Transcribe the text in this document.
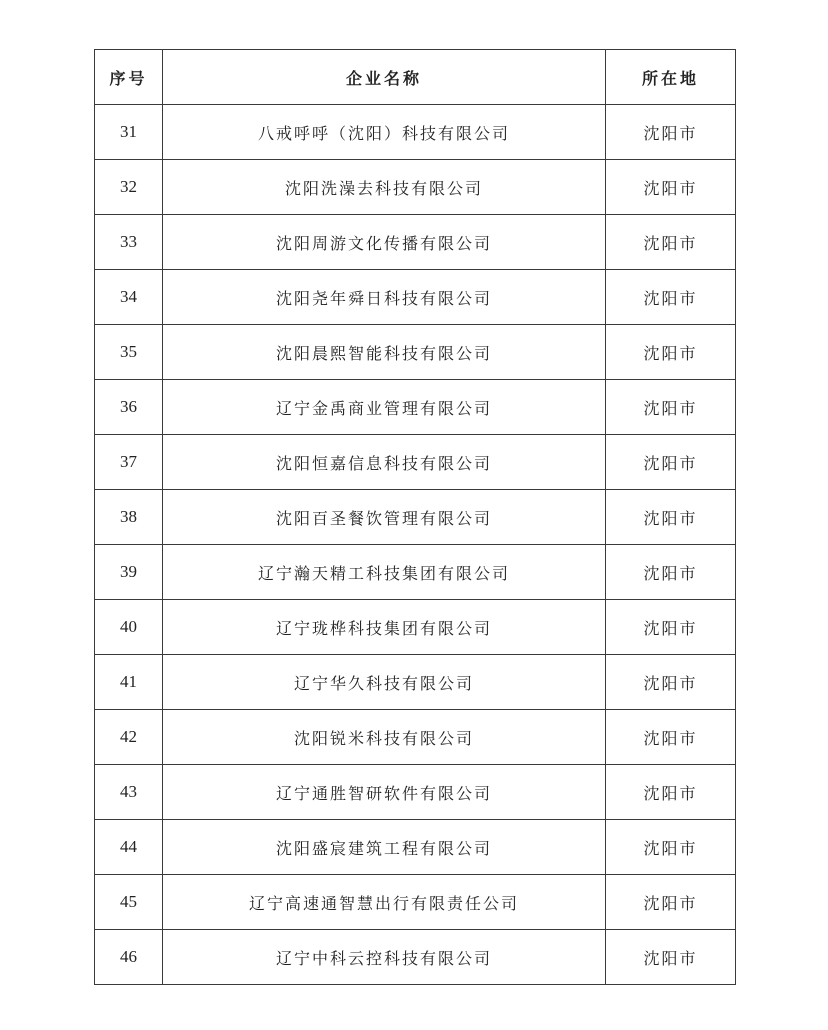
序号	企业名称	所在地
31	八戒呼呼（沈阳）科技有限公司	沈阳市
32	沈阳洗澡去科技有限公司	沈阳市
33	沈阳周游文化传播有限公司	沈阳市
34	沈阳尧年舜日科技有限公司	沈阳市
35	沈阳晨熙智能科技有限公司	沈阳市
36	辽宁金禹商业管理有限公司	沈阳市
37	沈阳恒嘉信息科技有限公司	沈阳市
38	沈阳百圣餐饮管理有限公司	沈阳市
39	辽宁瀚天精工科技集团有限公司	沈阳市
40	辽宁珑桦科技集团有限公司	沈阳市
41	辽宁华久科技有限公司	沈阳市
42	沈阳锐米科技有限公司	沈阳市
43	辽宁通胜智研软件有限公司	沈阳市
44	沈阳盛宸建筑工程有限公司	沈阳市
45	辽宁高速通智慧出行有限责任公司	沈阳市
46	辽宁中科云控科技有限公司	沈阳市
